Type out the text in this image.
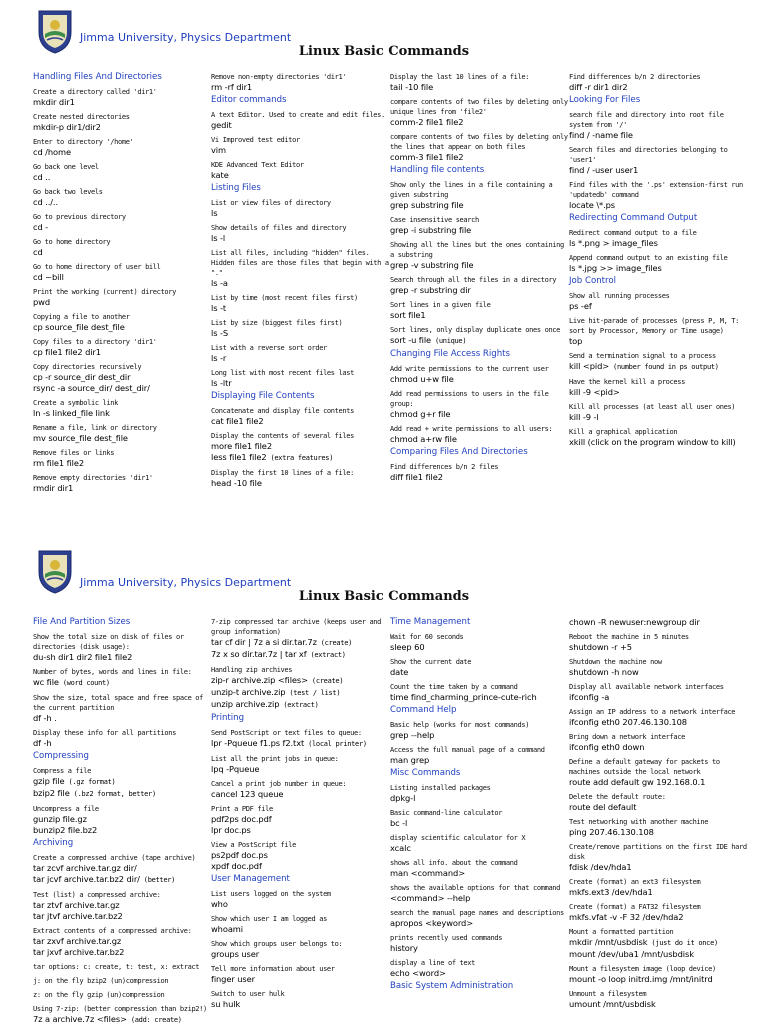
Jimma University, Physics Department
Linux Basic Commands
Handling Files And Directories
Create a directory called 'dir1'
mkdir dir1
Create nested directories
mkdir-p dir1/dir2
Enter to directory '/home'
cd /home
Go back one level
cd ..
Go back two levels
cd ../..
Go to previous directory
cd -
Go to home directory
cd
Go to home directory of user bill
cd ~bill
Print the working (current) directory
pwd
Copying a file to another
cp source_file dest_file
Copy files to a directory 'dir1'
cp file1 file2 dir1
Copy directories recursively
cp -r source_dir dest_dir
rsync -a source_dir/ dest_dir/
Create a symbolic link
ln -s linked_file link
Rename a file, link or directory
mv source_file dest_file
Remove files or links
rm file1 file2
Remove empty directories 'dir1'
rmdir dir1
Remove non-empty directories 'dir1'
rm -rf dir1
Editor commands
A text Editor. Used to create and edit files.
gedit
Vi Improved test editor
vim
KDE Advanced Text Editor
kate
Listing Files
List or view files of directory
ls
Show details of files and directory
ls -l
List all files, including "hidden" files. Hidden files are those files that begin with a "."
ls -a
List by time (most recent files first)
ls -t
List by size (biggest files first)
ls -S
List with a reverse sort order
ls -r
Long list with most recent files last
ls -ltr
Displaying File Contents
Concatenate and display file contents
cat file1 file2
Display the contents of several files
more file1 file2
less file1 file2 (extra features)
Display the first 10 lines of a file:
head -10 file
Display the last 10 lines of a file:
tail -10 file
compare contents of two files by deleting only unique lines from 'file2'
comm-2 file1 file2
compare contents of two files by deleting only the lines that appear on both files
comm-3 file1 file2
Handling file contents
Show only the lines in a file containing a given substring
grep substring file
Case insensitive search
grep -i substring file
Showing all the lines but the ones containing a substring
grep -v substring file
Search through all the files in a directory
grep -r substring dir
Sort lines in a given file
sort file1
Sort lines, only display duplicate ones once
sort -u file (unique)
Changing File Access Rights
Add write permissions to the current user
chmod u+w file
Add read permissions to users in the file group:
chmod g+r file
Add read + write permissions to all users:
chmod a+rw file
Comparing Files And Directories
Find differences b/n 2 files
diff file1 file2
Find differences b/n 2 directories
diff -r dir1 dir2
Looking For Files
search file and directory into root file system from '/'
find / -name file
Search files and directories belonging to 'user1'
find / -user user1
Find files with the '.ps' extension-first run 'updatedb' command
locate \*.ps
Redirecting Command Output
Redirect command output to a file
ls *.png > image_files
Append command output to an existing file
ls *.jpg >> image_files
Job Control
Show all running processes
ps -ef
Live hit-parade of processes (press P, M, T: sort by Processor, Memory or Time usage)
top
Send a termination signal to a process
kill <pid> (number found in ps output)
Have the kernel kill a process
kill -9 <pid>
Kill all processes (at least all user ones)
kill -9 -l
Kill a graphical application
xkill (click on the program window to kill)
Jimma University, Physics Department
Linux Basic Commands
File And Partition Sizes
Show the total size on disk of files or directories (disk usage):
du-sh dir1 dir2 file1 file2
Number of bytes, words and lines in file:
wc file (word count)
Show the size, total space and free space of the current partition
df -h .
Display these info for all partitions
df -h
Compressing
Compress a file
gzip file (.gz format)
bzip2 file (.bz2 format, better)
Uncompress a file
gunzip file.gz
bunzip2 file.bz2
Archiving
Create a compressed archive (tape archive)
tar zcvf archive.tar.gz dir/
tar jcvf archive.tar.bz2 dir/ (better)
Test (list) a compressed archive:
tar ztvf archive.tar.gz
tar jtvf archive.tar.bz2
Extract contents of a compressed archive:
tar zxvf archive.tar.gz
tar jxvf archive.tar.bz2
tar options: c: create, t: test, x: extract
j: on the fly bzip2 (un)compression
z: on the fly gzip (un)compression
Using 7-zip: (better compression than bzip2!)
7z a archive.7z <files> (add: create)
7-zip compressed tar archive (keeps user and group information)
tar cf dir | 7z a si dir.tar.7z (create)
7z x so dir.tar.7z | tar xf (extract)
Handling zip archives
zip-r archive.zip <files> (create)
unzip-t archive.zip (test / list)
unzip archive.zip (extract)
Printing
Send PostScript or text files to queue:
lpr -Pqueue f1.ps f2.txt (local printer)
List all the print jobs in queue:
lpq -Pqueue
Cancel a print job number in queue:
cancel 123 queue
Print a PDF file
pdf2ps doc.pdf
lpr doc.ps
View a PostScript file
ps2pdf doc.ps
xpdf doc.pdf
User Management
List users logged on the system
who
Show which user I am logged as
whoami
Show which groups user belongs to:
groups user
Tell more information about user
finger user
Switch to user hulk
su hulk
Time Management
Wait for 60 seconds
sleep 60
Show the current date
date
Count the time taken by a command
time find_charming_prince-cute-rich
Command Help
Basic help (works for most commands)
grep --help
Access the full manual page of a command
man grep
Misc Commands
Listing installed packages
dpkg-l
Basic command-line calculator
bc -l
display scientific calculator for X
xcalc
shows all info. about the command
man <command>
shows the available options for that command
<command> --help
search the manual page names and descriptions
apropos <keyword>
prints recently used commands
history
display a line of text
echo <word>
Basic System Administration
chown -R newuser:newgroup dir
Reboot the machine in 5 minutes
shutdown -r +5
Shutdown the machine now
shutdown -h now
Display all available network interfaces
ifconfig -a
Assign an IP address to a network interface
ifconfig eth0 207.46.130.108
Bring down a network interface
ifconfig eth0 down
Define a default gateway for packets to machines outside the local network
route add default gw 192.168.0.1
Delete the default route:
route del default
Test networking with another machine
ping 207.46.130.108
Create/remove partitions on the first IDE hard disk
fdisk /dev/hda1
Create (format) an ext3 filesystem
mkfs.ext3 /dev/hda1
Create (format) a FAT32 filesystem
mkfs.vfat -v -F 32 /dev/hda2
Mount a formatted partition
mkdir /mnt/usbdisk (just do it once)
mount /dev/uba1 /mnt/usbdisk
Mount a filesystem image (loop device)
mount -o loop initrd.img /mnt/initrd
Unmount a filesystem
umount /mnt/usbdisk
